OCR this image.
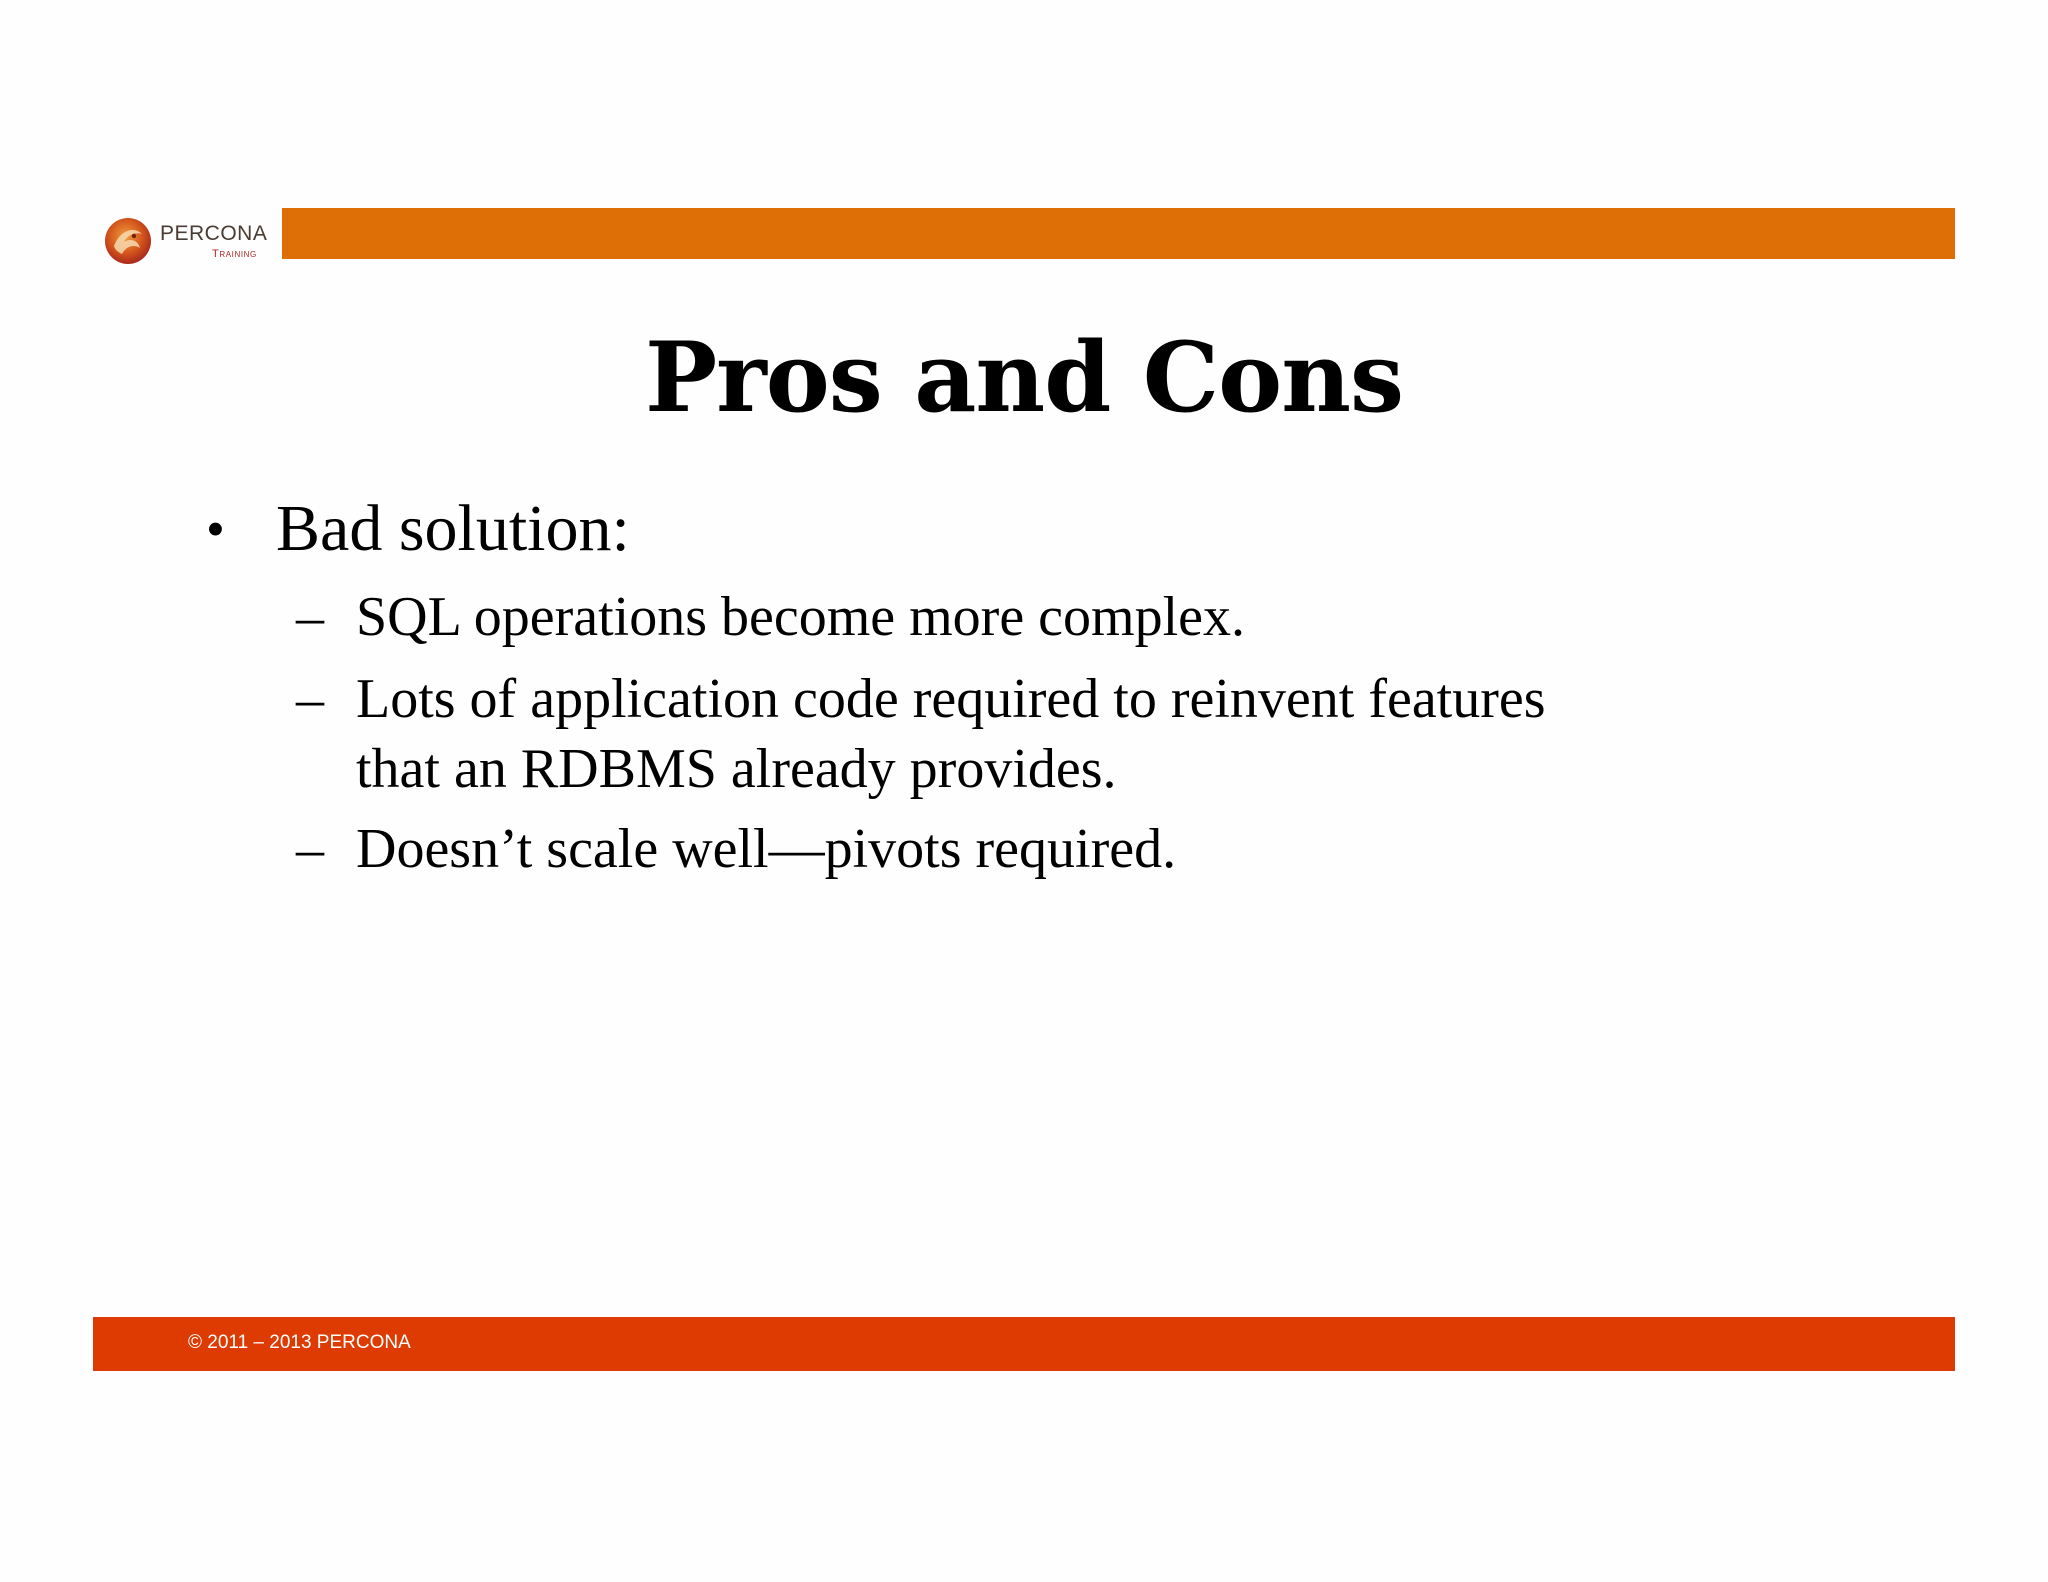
PERCONA
Training
Pros and Cons
• Bad solution:
– SQL operations become more complex.
– Lots of application code required to reinvent features
that an RDBMS already provides.
– Doesn’t scale well—pivots required.
© 2011 – 2013 PERCONA
